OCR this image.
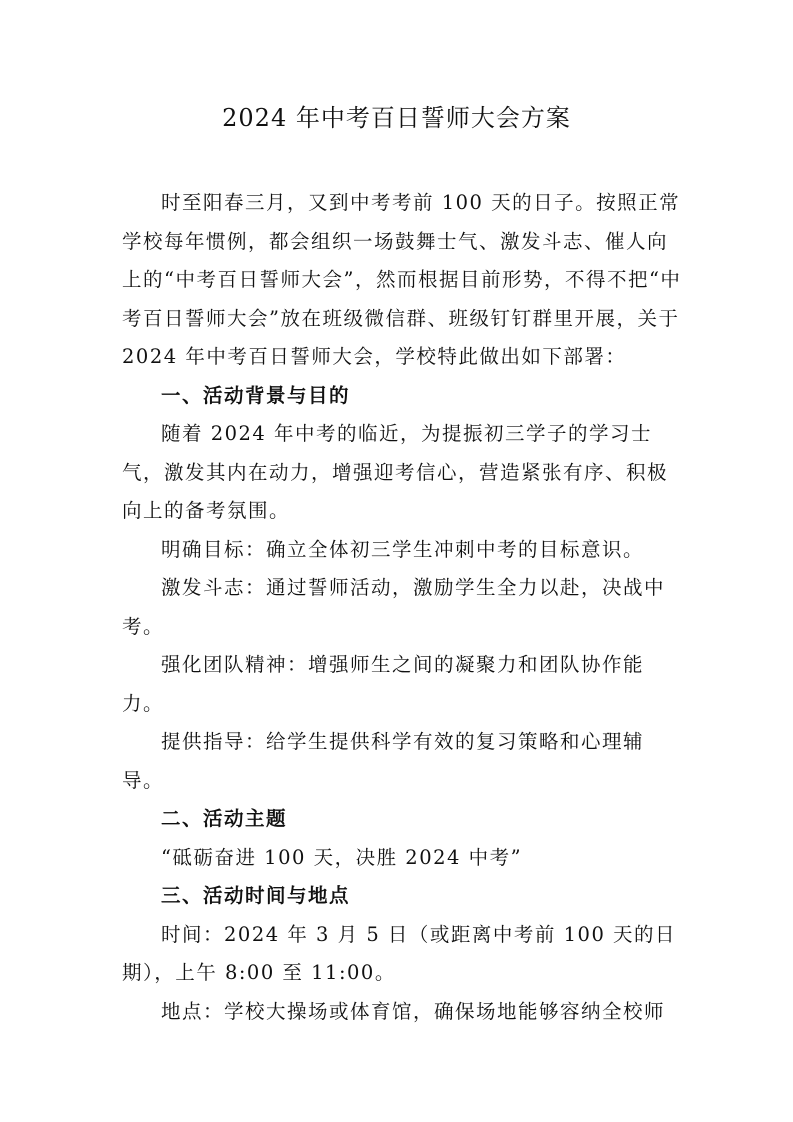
2024 年中考百日誓师大会方案

时至阳春三月，又到中考考前 100 天的日子。按照正常学校每年惯例，都会组织一场鼓舞士气、激发斗志、催人向上的“中考百日誓师大会”，然而根据目前形势，不得不把“中考百日誓师大会”放在班级微信群、班级钉钉群里开展，关于 2024 年中考百日誓师大会，学校特此做出如下部署：

一、活动背景与目的

随着 2024 年中考的临近，为提振初三学子的学习士气，激发其内在动力，增强迎考信心，营造紧张有序、积极向上的备考氛围。

明确目标：确立全体初三学生冲刺中考的目标意识。

激发斗志：通过誓师活动，激励学生全力以赴，决战中考。

强化团队精神：增强师生之间的凝聚力和团队协作能力。

提供指导：给学生提供科学有效的复习策略和心理辅导。

二、活动主题

“砥砺奋进 100 天，决胜 2024 中考”

三、活动时间与地点

时间：2024 年 3 月 5 日（或距离中考前 100 天的日期），上午 8:00 至 11:00。

地点：学校大操场或体育馆，确保场地能够容纳全校师
